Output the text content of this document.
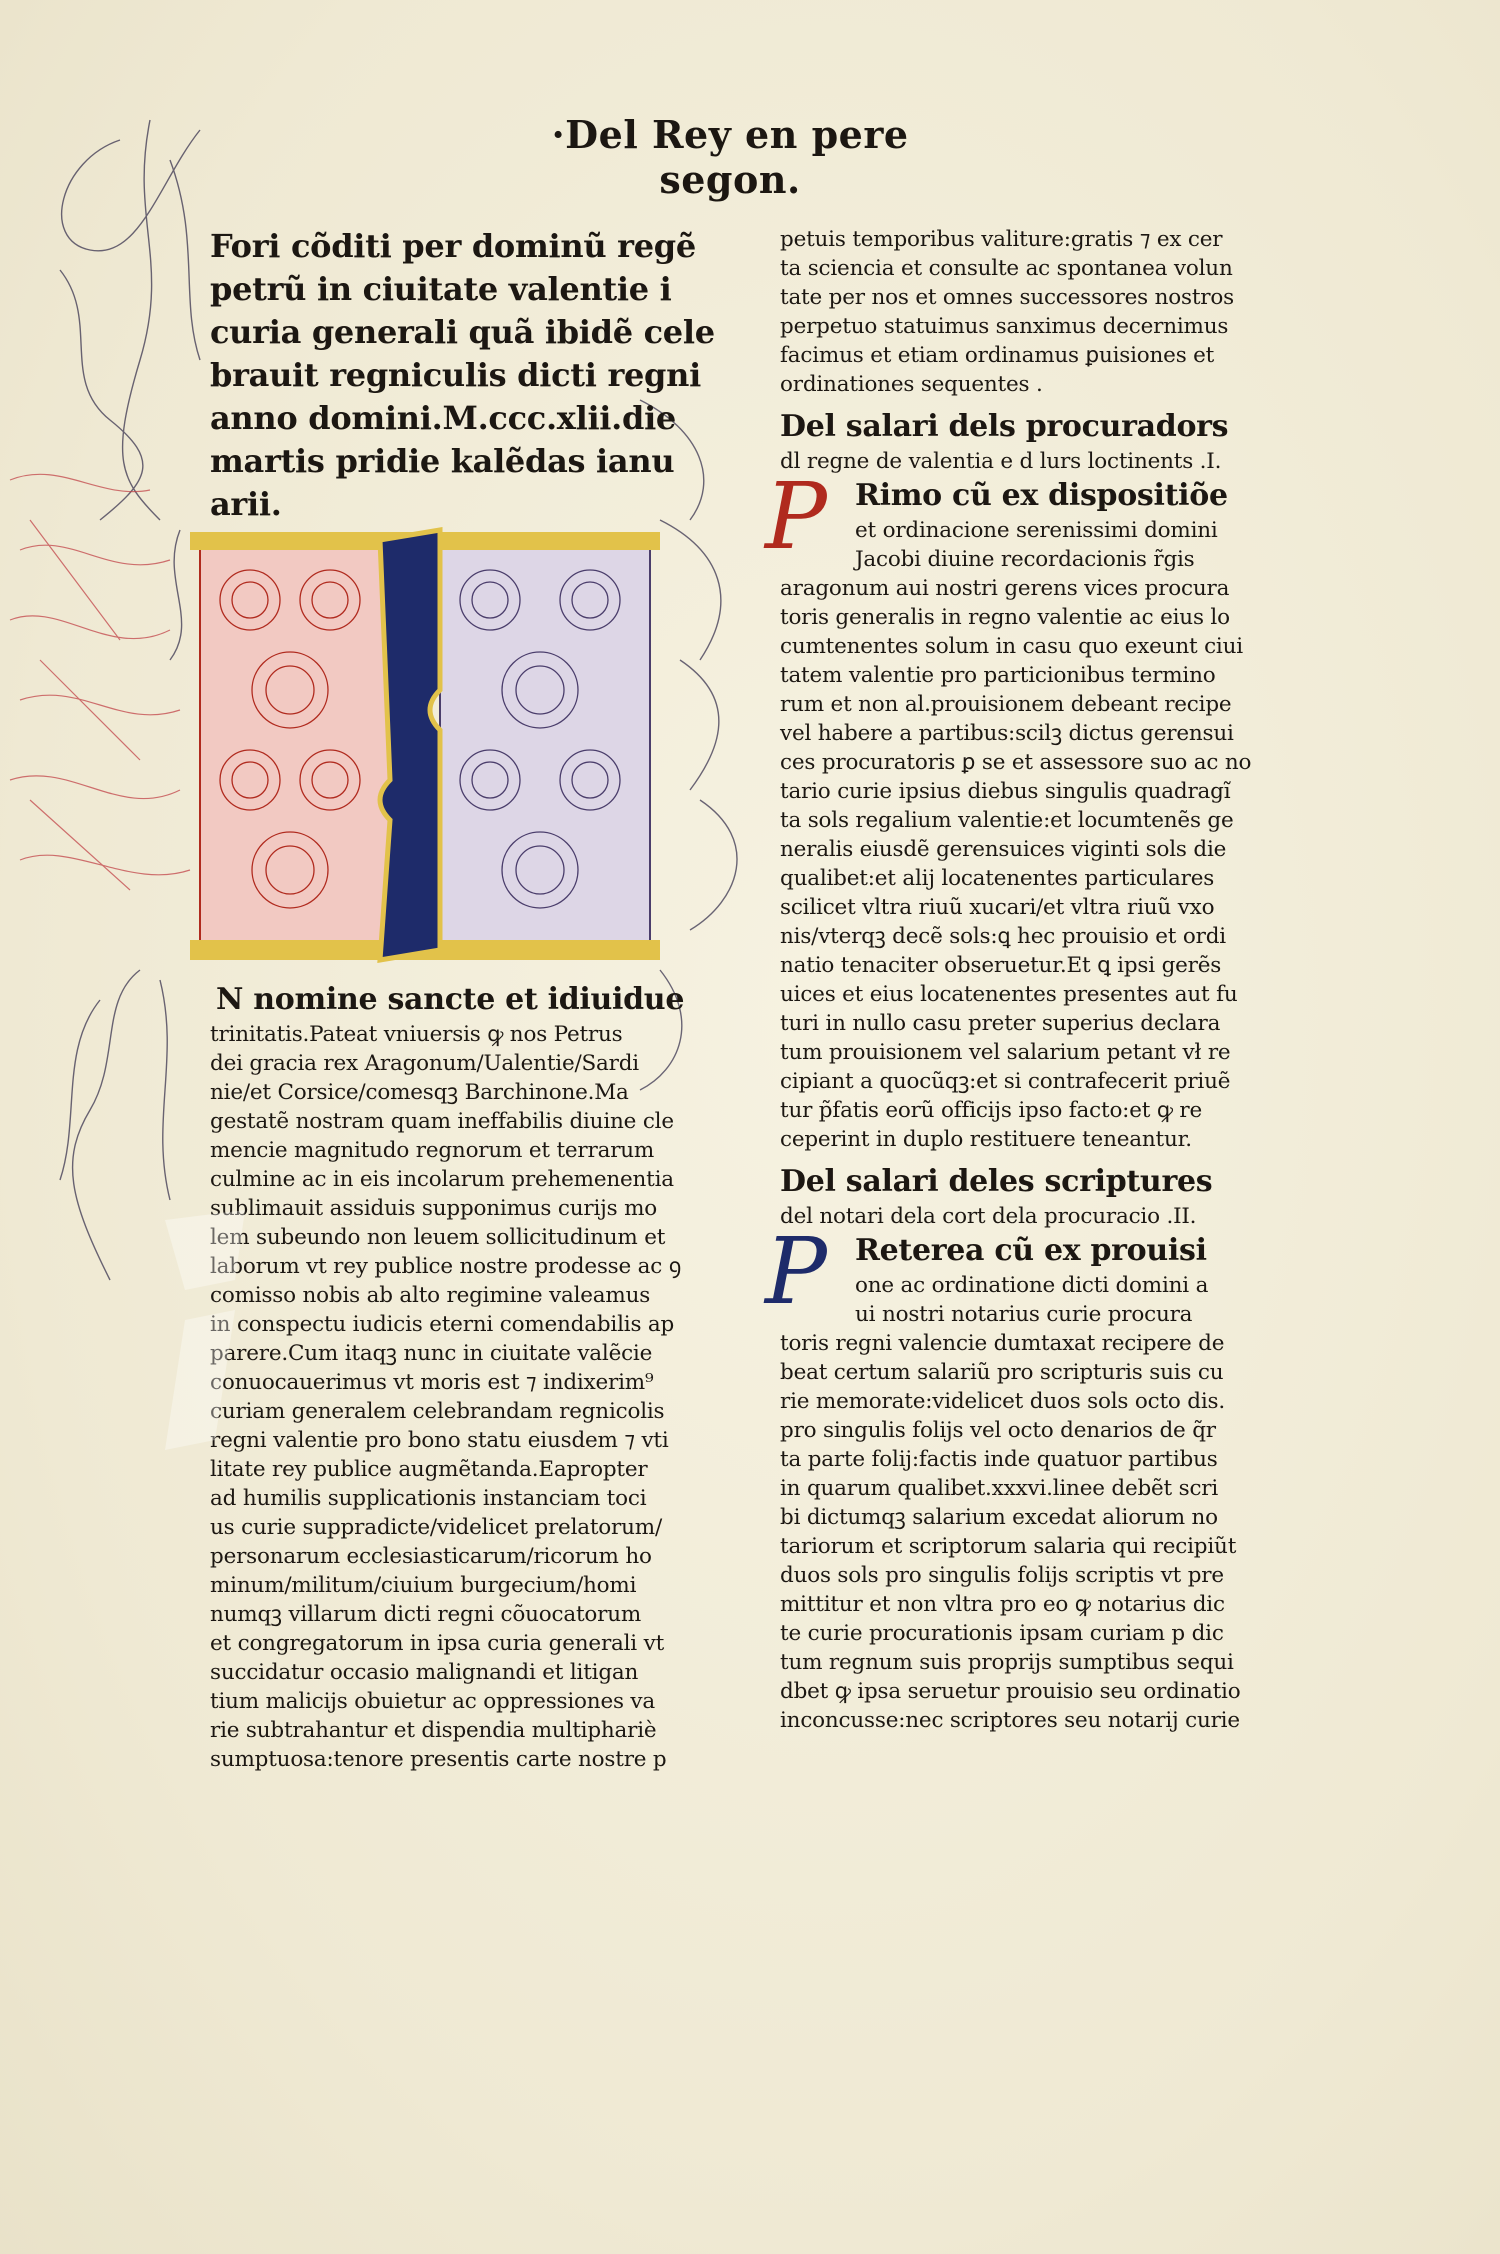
·Del Rey en pere segon.
Fori cõditi per dominũ regẽ
petrũ in ciuitate valentie i
curia generali quã ibidẽ cele
brauit regniculis dicti regni
anno domini.M.ccc.xlii.die
martis pridie kalẽdas ianu
arii.
N nomine sancte et idiuidue
trinitatis.Pateat vniuersis ꝙ nos Petrus
dei gracia rex Aragonum/Ualentie/Sardi
nie/et Corsice/comesqꝫ Barchinone.Ma
gestatẽ nostram quam ineffabilis diuine cle
mencie magnitudo regnorum et terrarum
culmine ac in eis incolarum prehemenentia
sublimauit assiduis supponimus curijs mo
lem subeundo non leuem sollicitudinum et
laborum vt rey publice nostre prodesse ac ꝯ
comisso nobis ab alto regimine valeamus
in conspectu iudicis eterni comendabilis ap
parere.Cum itaqꝫ nunc in ciuitate valẽcie
conuocauerimus vt moris est ⁊ indixerim⁹
curiam generalem celebrandam regnicolis
regni valentie pro bono statu eiusdem ⁊ vti
litate rey publice augmẽtanda.Eapropter
ad humilis supplicationis instanciam toci
us curie suppradicte/videlicet prelatorum/
personarum ecclesiasticarum/ricorum ho
minum/militum/ciuium burgecium/homi
numqꝫ villarum dicti regni cõuocatorum
et congregatorum in ipsa curia generali vt
succidatur occasio malignandi et litigan
tium malicijs obuietur ac oppressiones va
rie subtrahantur et dispendia multiphariè
sumptuosa:tenore presentis carte nostre p
petuis temporibus valiture:gratis ⁊ ex cer
ta sciencia et consulte ac spontanea volun
tate per nos et omnes successores nostros
perpetuo statuimus sanximus decernimus
facimus et etiam ordinamus ꝑuisiones et
ordinationes sequentes .
Del salari dels procuradors
dl regne de valentia e d lurs loctinents .I.
P Rimo cũ ex dispositiõe
et ordinacione serenissimi domini
Jacobi diuine recordacionis r̃gis
aragonum aui nostri gerens vices procura
toris generalis in regno valentie ac eius lo
cumtenentes solum in casu quo exeunt ciui
tatem valentie pro particionibus termino
rum et non al.prouisionem debeant recipe
vel habere a partibus:scilꝫ dictus gerensui
ces procuratoris ꝑ se et assessore suo ac no
tario curie ipsius diebus singulis quadragĩ
ta sols regalium valentie:et locumtenẽs ge
neralis eiusdẽ gerensuices viginti sols die
qualibet:et alij locatenentes particulares
scilicet vltra riuũ xucari/et vltra riuũ vxo
nis/vterqꝫ decẽ sols:ꝗ hec prouisio et ordi
natio tenaciter obseruetur.Et ꝗ ipsi gerẽs
uices et eius locatenentes presentes aut fu
turi in nullo casu preter superius declara
tum prouisionem vel salarium petant vł re
cipiant a quocũqꝫ:et si contrafecerit priuẽ
tur p̃fatis eorũ officijs ipso facto:et ꝙ re
ceperint in duplo restituere teneantur.
Del salari deles scriptures
del notari dela cort dela procuracio .II.
P Reterea cũ ex prouisi
one ac ordinatione dicti domini a
ui nostri notarius curie procura
toris regni valencie dumtaxat recipere de
beat certum salariũ pro scripturis suis cu
rie memorate:videlicet duos sols octo dis.
pro singulis folijs vel octo denarios de q̃r
ta parte folij:factis inde quatuor partibus
in quarum qualibet.xxxvi.linee debẽt scri
bi dictumqꝫ salarium excedat aliorum no
tariorum et scriptorum salaria qui recipiũt
duos sols pro singulis folijs scriptis vt pre
mittitur et non vltra pro eo ꝙ notarius dic
te curie procurationis ipsam curiam p dic
tum regnum suis proprijs sumptibus sequi
dbet ꝙ ipsa seruetur prouisio seu ordinatio
inconcusse:nec scriptores seu notarij curie
